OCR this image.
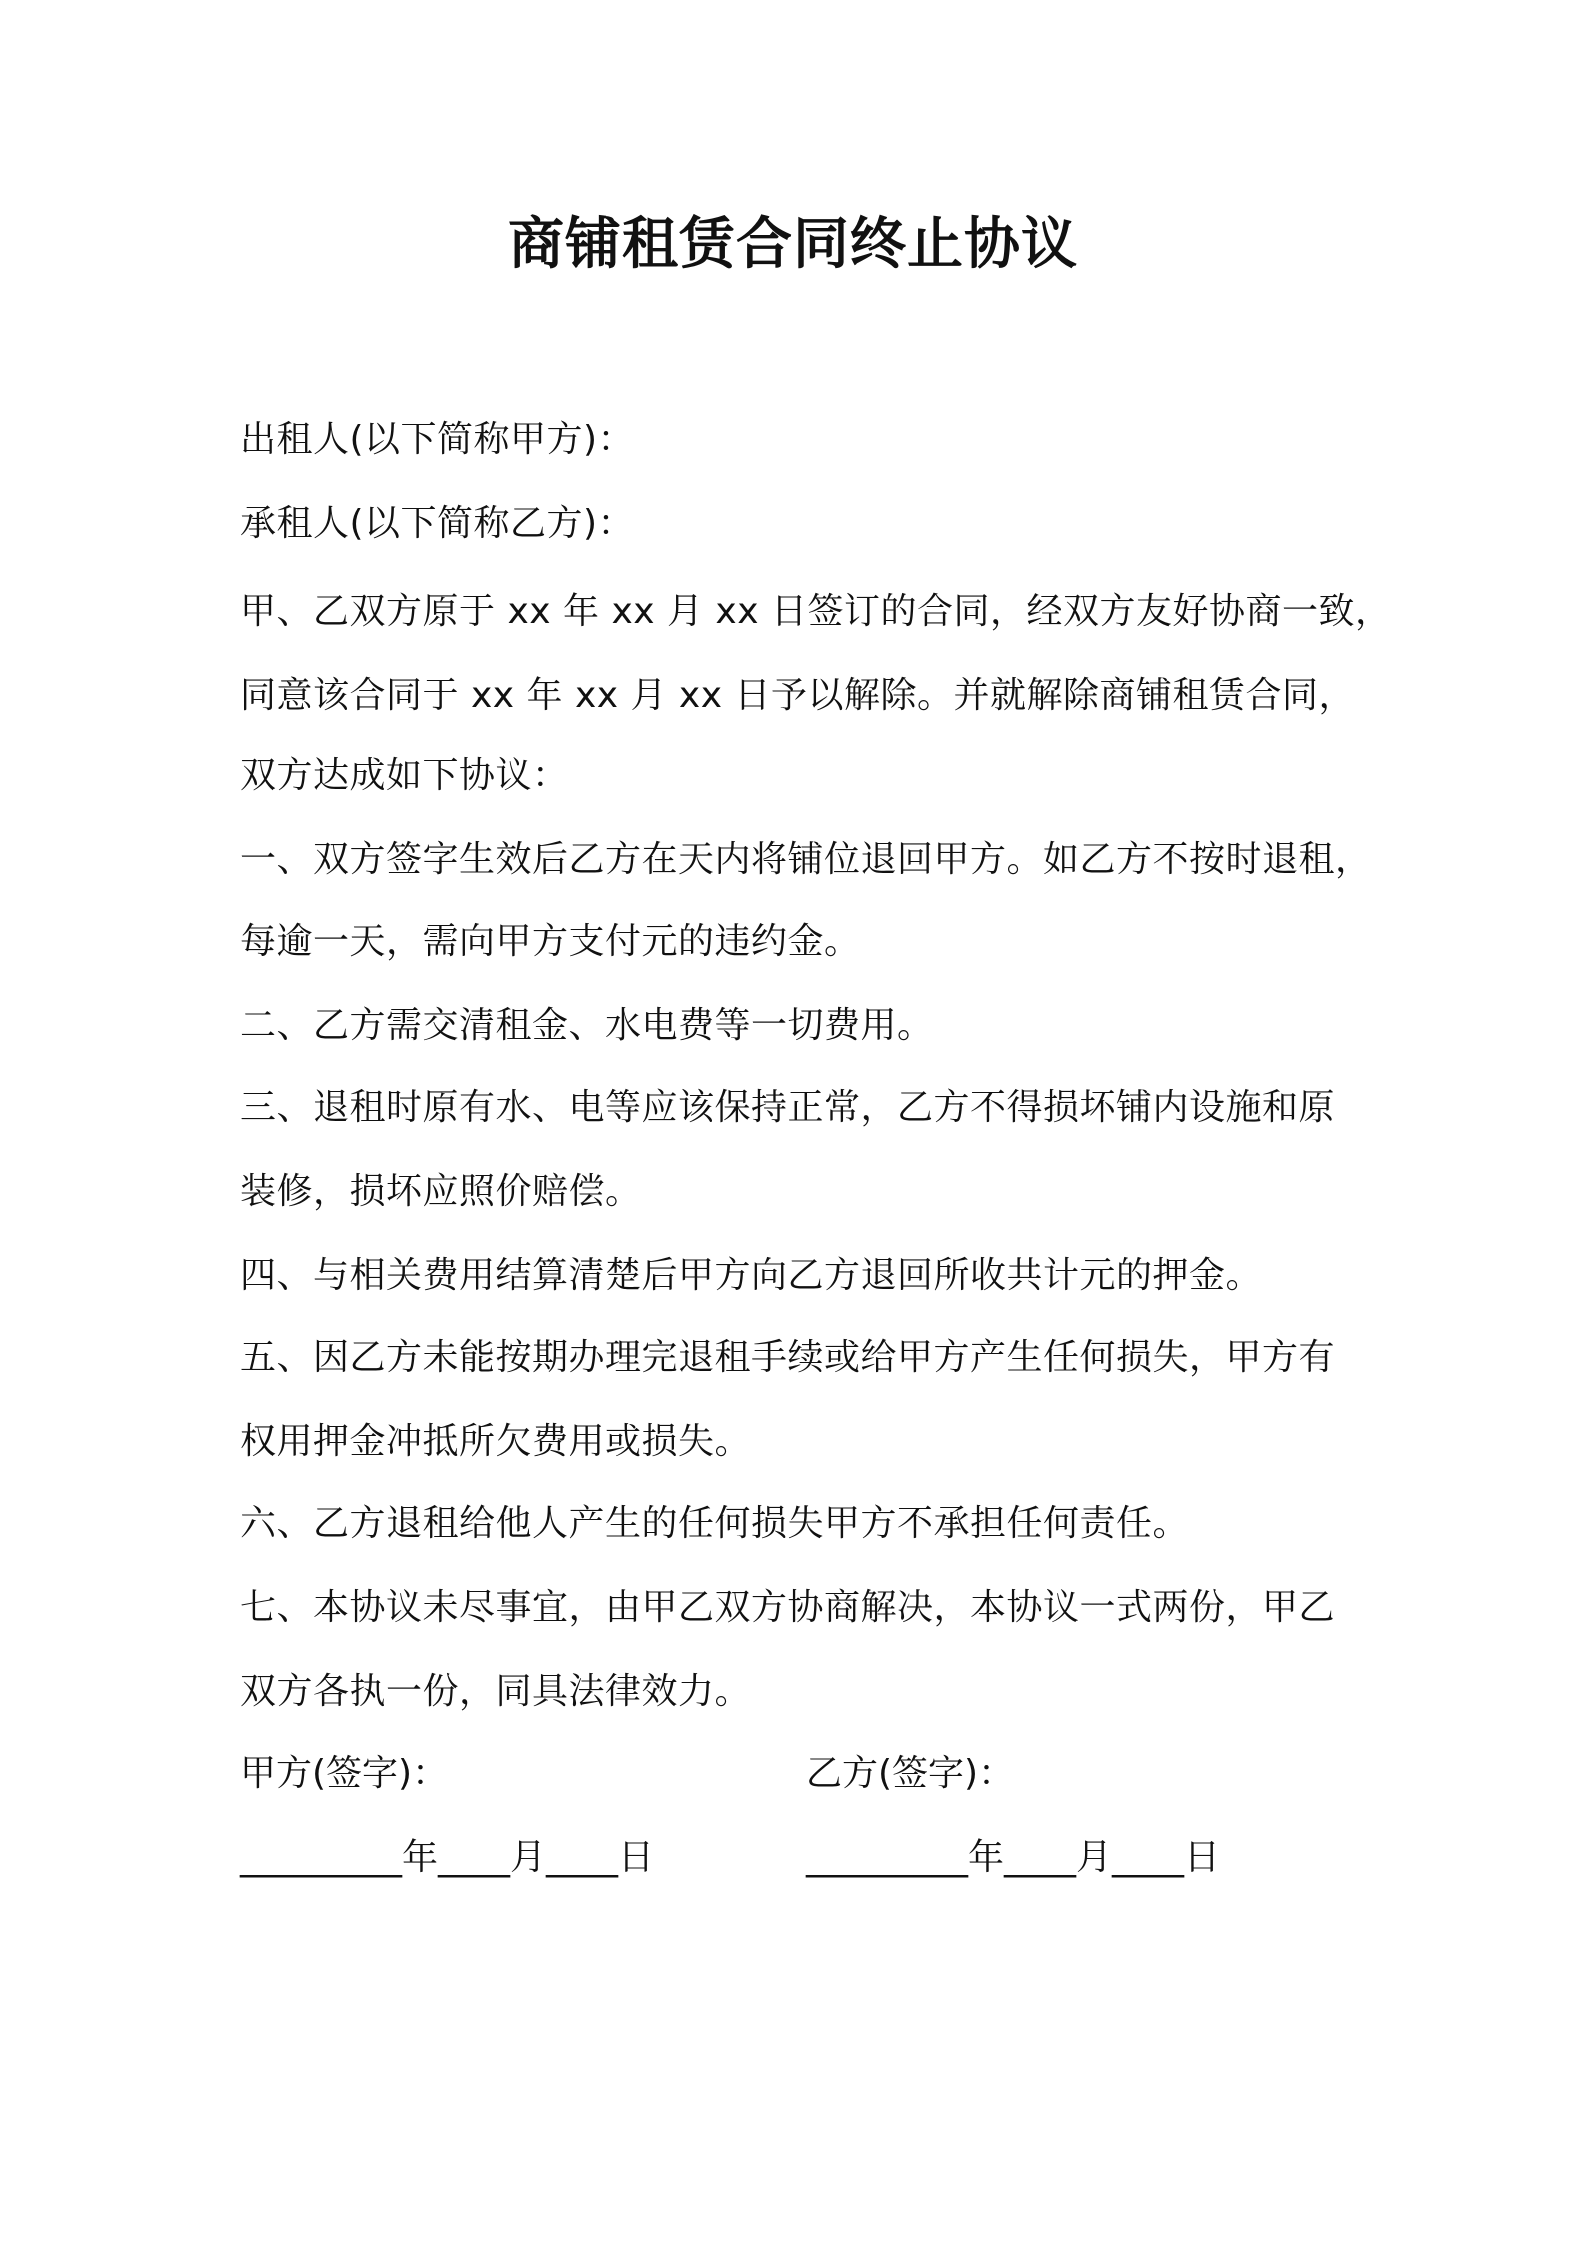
商铺租赁合同终止协议
出租人(以下简称甲方)：
承租人(以下简称乙方)：
甲、乙双方原于 xx 年 xx 月 xx 日签订的合同，经双方友好协商一致，
同意该合同于 xx 年 xx 月 xx 日予以解除。并就解除商铺租赁合同，
双方达成如下协议：
一、双方签字生效后乙方在天内将铺位退回甲方。如乙方不按时退租，
每逾一天，需向甲方支付元的违约金。
二、乙方需交清租金、水电费等一切费用。
三、退租时原有水、电等应该保持正常，乙方不得损坏铺内设施和原
装修，损坏应照价赔偿。
四、与相关费用结算清楚后甲方向乙方退回所收共计元的押金。
五、因乙方未能按期办理完退租手续或给甲方产生任何损失，甲方有
权用押金冲抵所欠费用或损失。
六、乙方退租给他人产生的任何损失甲方不承担任何责任。
七、本协议未尽事宜，由甲乙双方协商解决，本协议一式两份，甲乙
双方各执一份，同具法律效力。
甲方(签字)：	乙方(签字)：
_________年____月____日	_________年____月____日
